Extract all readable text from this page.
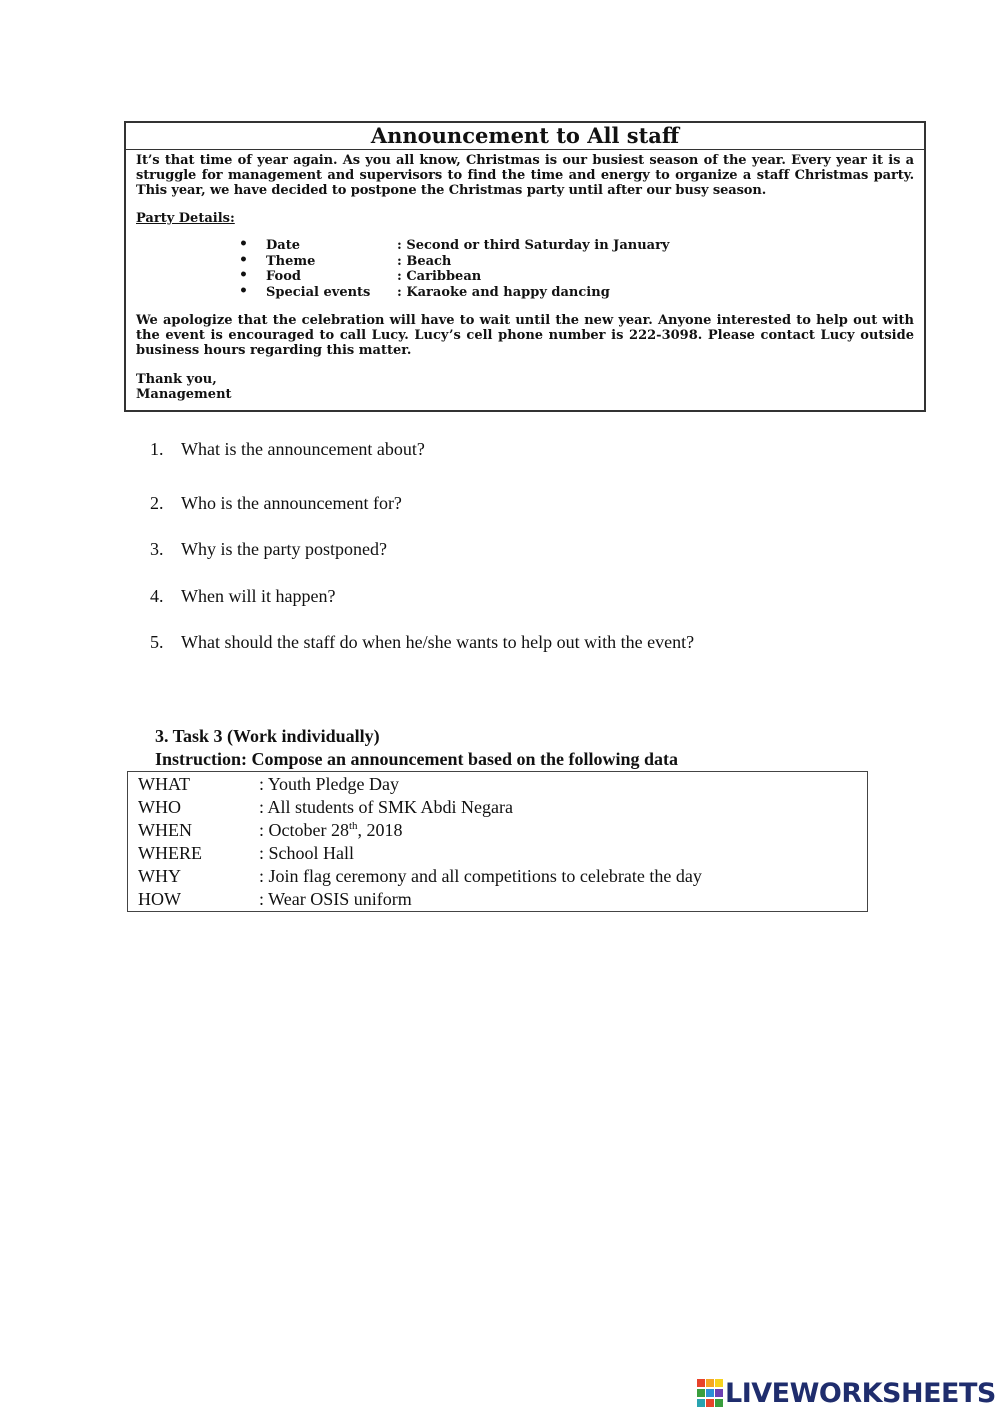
Announcement to All staff
It’s that time of year again. As you all know, Christmas is our busiest season of the year. Every year it is a struggle for management and supervisors to find the time and energy to organize a staff Christmas party. This year, we have decided to postpone the Christmas party until after our busy season.
Party Details:
• Date	: Second or third Saturday in January
• Theme	: Beach
• Food	: Caribbean
• Special events : Karaoke and happy dancing
We apologize that the celebration will have to wait until the new year. Anyone interested to help out with the event is encouraged to call Lucy. Lucy’s cell phone number is 222-3098. Please contact Lucy outside business hours regarding this matter.
Thank you,
Management
1. What is the announcement about?
2. Who is the announcement for?
3. Why is the party postponed?
4. When will it happen?
5. What should the staff do when he/she wants to help out with the event?
3. Task 3 (Work individually)
Instruction: Compose an announcement based on the following data
WHAT	: Youth Pledge Day
WHO	: All students of SMK Abdi Negara
WHEN	: October 28th, 2018
WHERE	: School Hall
WHY	: Join flag ceremony and all competitions to celebrate the day
HOW	: Wear OSIS uniform
LIVEWORKSHEETS
